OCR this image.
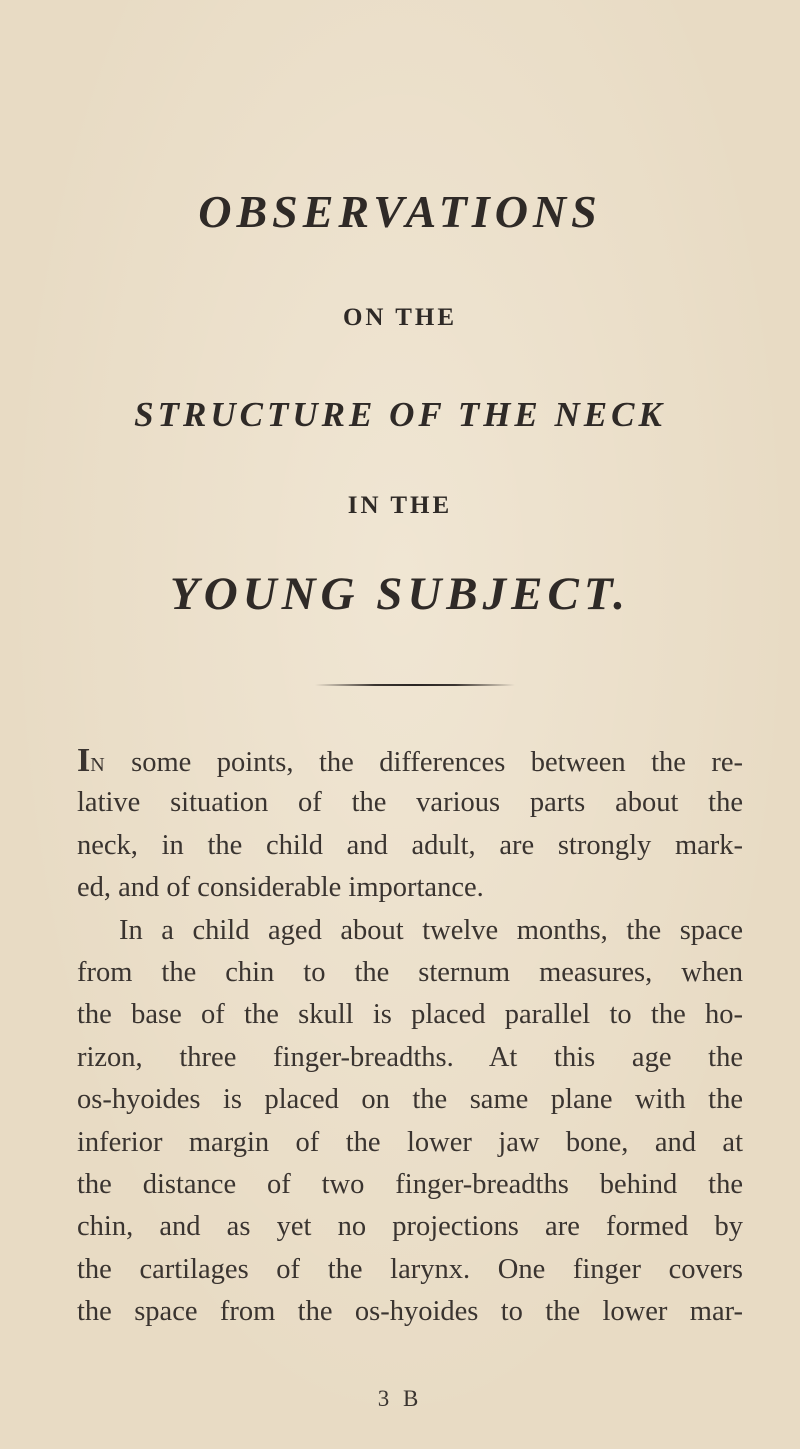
OBSERVATIONS
ON THE
STRUCTURE OF THE NECK
IN THE
YOUNG SUBJECT.
IN some points, the differences between the re-
lative situation of the various parts about the
neck, in the child and adult, are strongly mark-
ed, and of considerable importance.
In a child aged about twelve months, the space
from the chin to the sternum measures, when
the base of the skull is placed parallel to the ho-
rizon, three finger-breadths. At this age the
os-hyoides is placed on the same plane with the
inferior margin of the lower jaw bone, and at
the distance of two finger-breadths behind the
chin, and as yet no projections are formed by
the cartilages of the larynx. One finger covers
the space from the os-hyoides to the lower mar-
3 B
